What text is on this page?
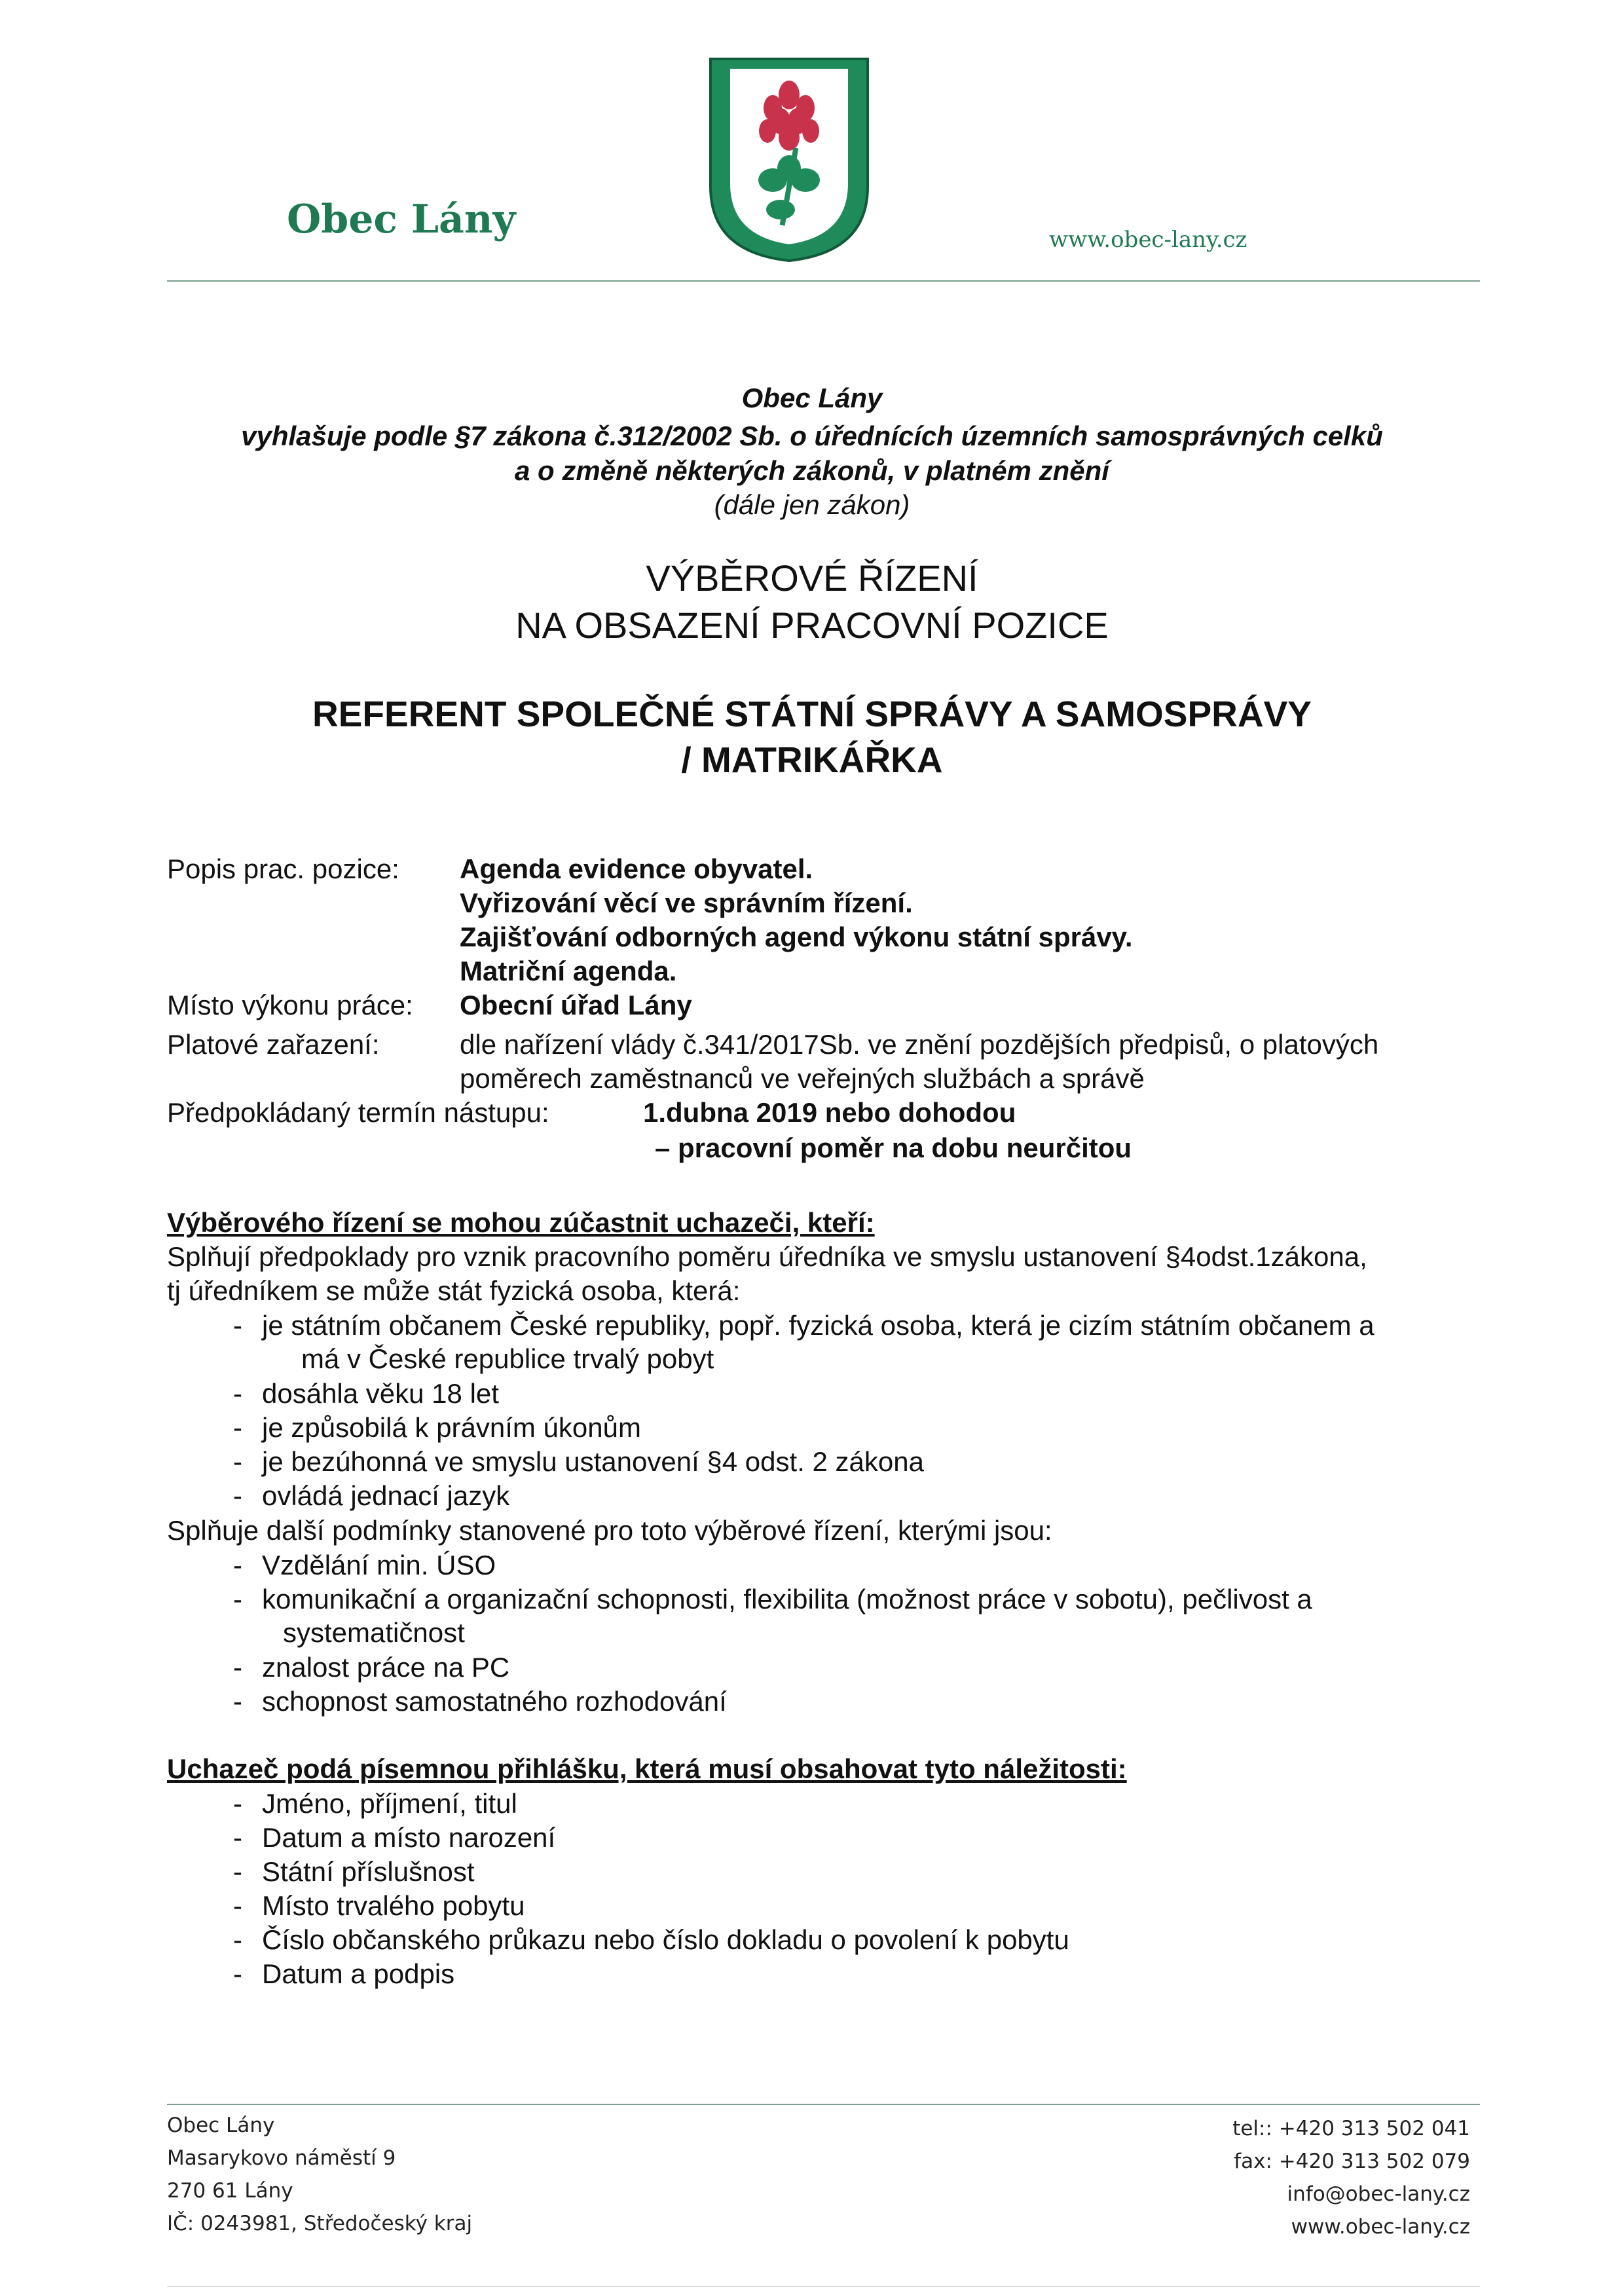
Obec Lány	www.obec-lany.cz
Obec Lány
vyhlašuje podle §7 zákona č.312/2002 Sb. o úřednících územních samosprávných celků
a o změně některých zákonů, v platném znění
(dále jen zákon)
VÝBĚROVÉ ŘÍZENÍ
NA OBSAZENÍ PRACOVNÍ POZICE
REFERENT SPOLEČNÉ STÁTNÍ SPRÁVY A SAMOSPRÁVY
/ MATRIKÁŘKA
Popis prac. pozice: Agenda evidence obyvatel.
Vyřizování věcí ve správním řízení.
Zajišťování odborných agend výkonu státní správy.
Matriční agenda.
Místo výkonu práce: Obecní úřad Lány
Platové zařazení:	dle nařízení vlády č.341/2017Sb. ve znění pozdějších předpisů, o platových
poměrech zaměstnanců ve veřejných službách a správě
Předpokládaný termín nástupu:	1.dubna 2019 nebo dohodou
– pracovní poměr na dobu neurčitou
Výběrového řízení se mohou zúčastnit uchazeči, kteří:
Splňují předpoklady pro vznik pracovního poměru úředníka ve smyslu ustanovení §4odst.1zákona,
tj úředníkem se může stát fyzická osoba, která:
- je státním občanem České republiky, popř. fyzická osoba, která je cizím státním občanem a
má v České republice trvalý pobyt
- dosáhla věku 18 let
- je způsobilá k právním úkonům
- je bezúhonná ve smyslu ustanovení §4 odst. 2 zákona
- ovládá jednací jazyk
Splňuje další podmínky stanovené pro toto výběrové řízení, kterými jsou:
- Vzdělání min. ÚSO
- komunikační a organizační schopnosti, flexibilita (možnost práce v sobotu), pečlivost a
systematičnost
- znalost práce na PC
- schopnost samostatného rozhodování
Uchazeč podá písemnou přihlášku, která musí obsahovat tyto náležitosti:
- Jméno, příjmení, titul
- Datum a místo narození
- Státní příslušnost
- Místo trvalého pobytu
- Číslo občanského průkazu nebo číslo dokladu o povolení k pobytu
- Datum a podpis
Obec Lány
Masarykovo náměstí 9
270 61 Lány
IČ: 0243981, Středočeský kraj
tel:: +420 313 502 041
fax: +420 313 502 079
info@obec-lany.cz
www.obec-lany.cz
